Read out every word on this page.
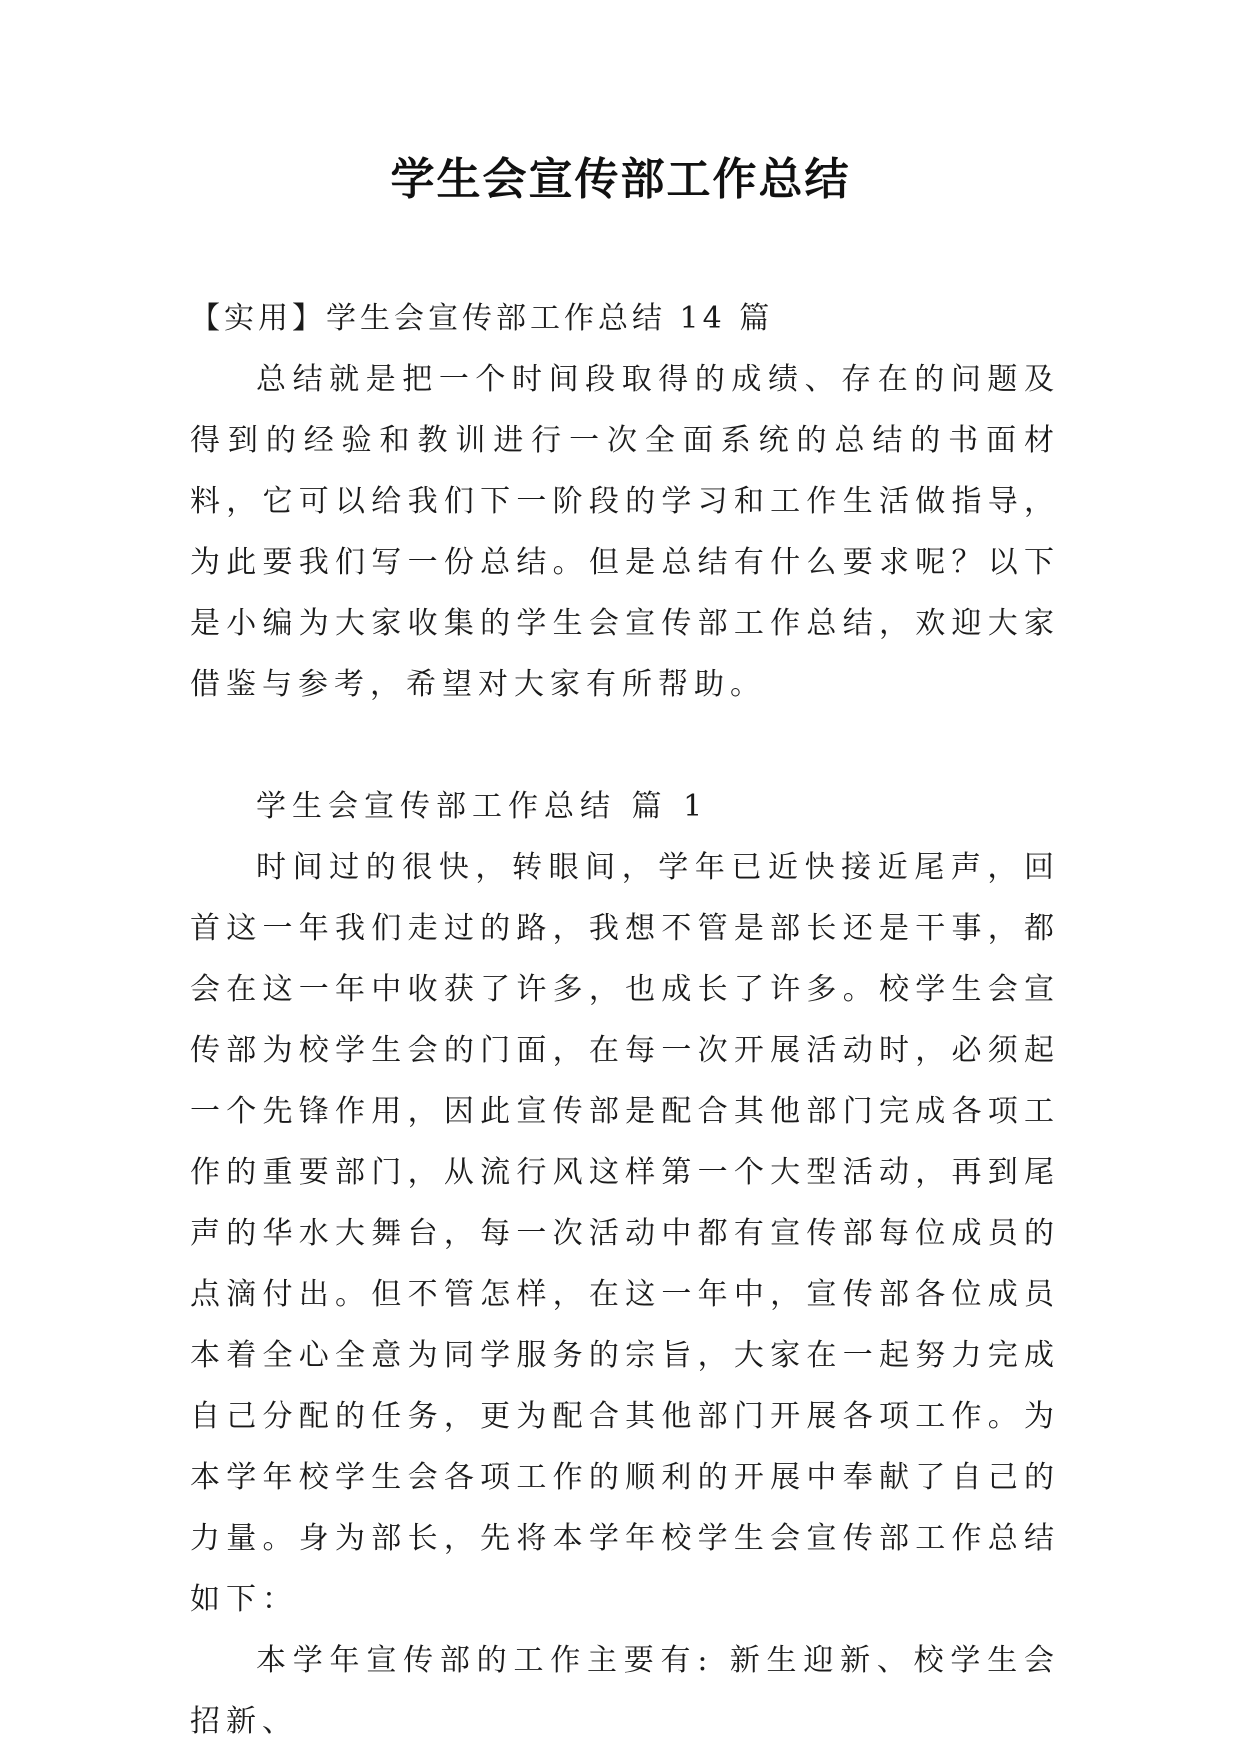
学生会宣传部工作总结

【实用】学生会宣传部工作总结 14 篇

总结就是把一个时间段取得的成绩、存在的问题及得到的经验和教训进行一次全面系统的总结的书面材料，它可以给我们下一阶段的学习和工作生活做指导，为此要我们写一份总结。但是总结有什么要求呢？以下是小编为大家收集的学生会宣传部工作总结，欢迎大家借鉴与参考，希望对大家有所帮助。

学生会宣传部工作总结 篇 1

时间过的很快，转眼间，学年已近快接近尾声，回首这一年我们走过的路，我想不管是部长还是干事，都会在这一年中收获了许多，也成长了许多。校学生会宣传部为校学生会的门面，在每一次开展活动时，必须起一个先锋作用，因此宣传部是配合其他部门完成各项工作的重要部门，从流行风这样第一个大型活动，再到尾声的华水大舞台，每一次活动中都有宣传部每位成员的点滴付出。但不管怎样，在这一年中，宣传部各位成员本着全心全意为同学服务的宗旨，大家在一起努力完成自己分配的任务，更为配合其他部门开展各项工作。为本学年校学生会各项工作的顺利的开展中奉献了自己的力量。身为部长，先将本学年校学生会宣传部工作总结如下：

本学年宣传部的工作主要有: 新生迎新、校学生会招新、
